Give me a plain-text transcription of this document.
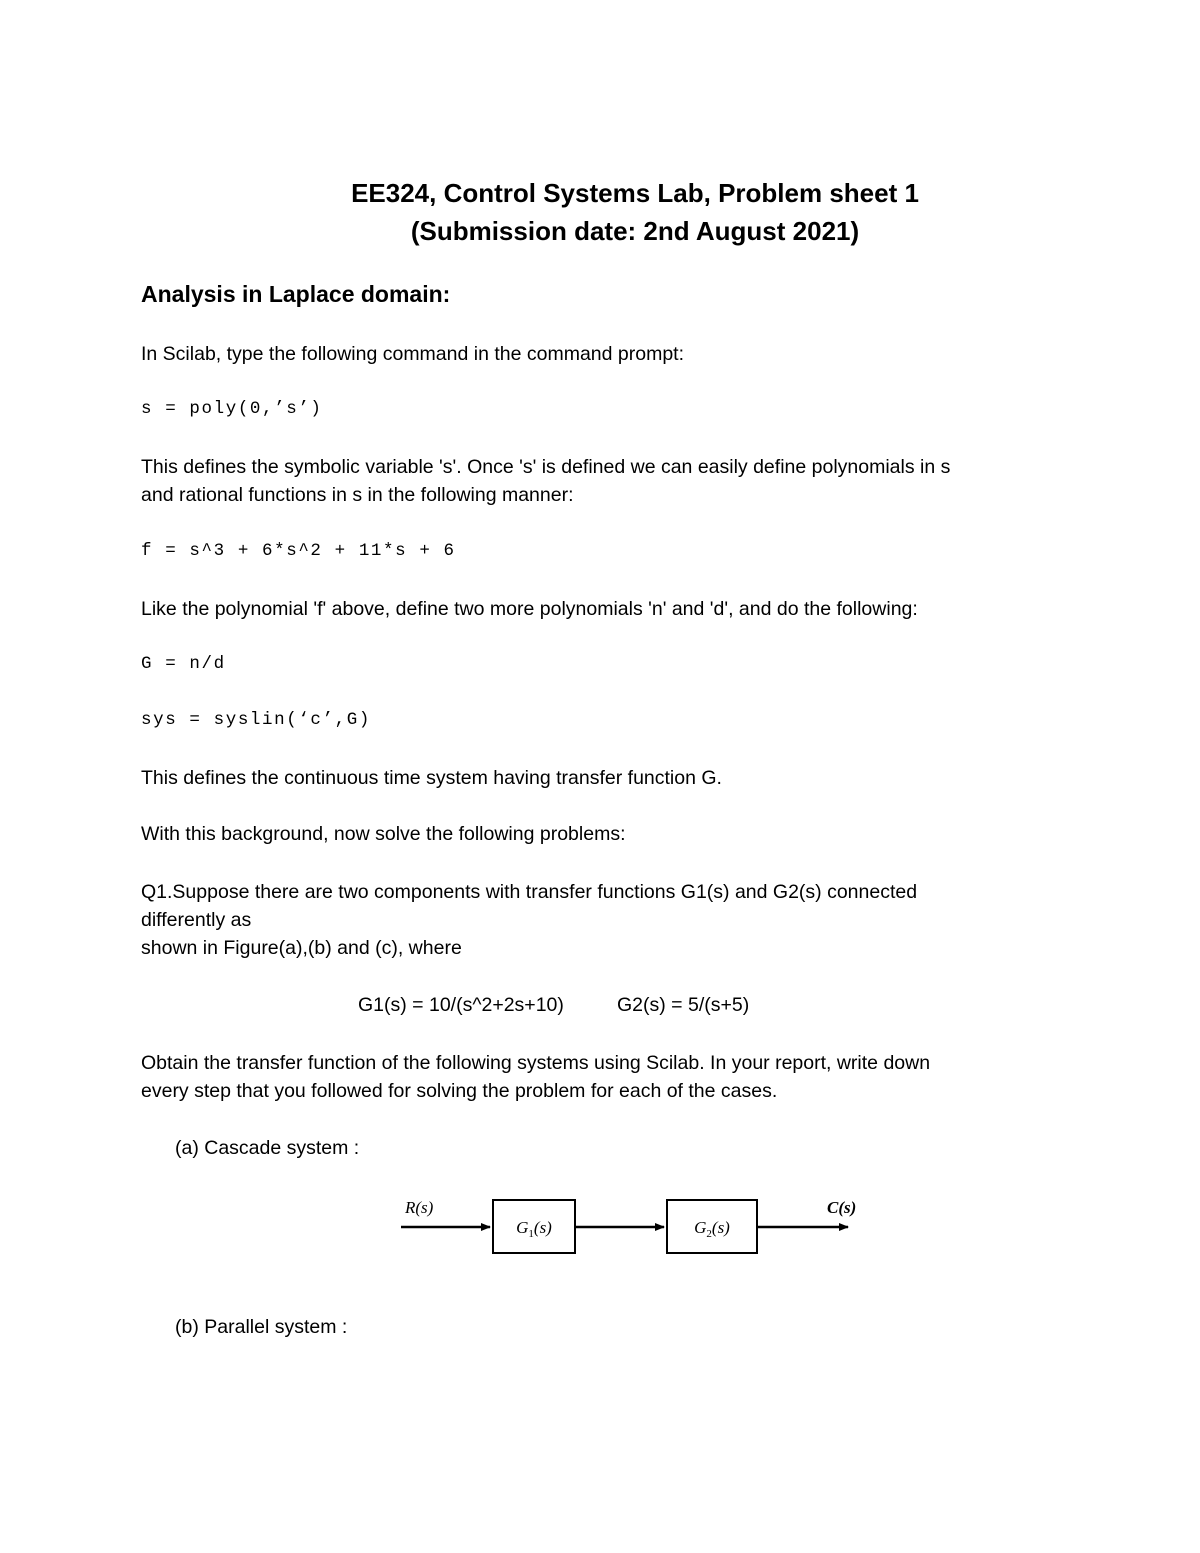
EE324, Control Systems Lab, Problem sheet 1
(Submission date: 2nd August 2021)
Analysis in Laplace domain:
In Scilab, type the following command in the command prompt:
s = poly(0,’s’)
This defines the symbolic variable 's'. Once 's' is defined we can easily define polynomials in s
and rational functions in s in the following manner:
f = s^3 + 6*s^2 + 11*s + 6
Like the polynomial 'f' above, define two more polynomials 'n' and 'd', and do the following:
G = n/d
sys = syslin(‘c’,G)
This defines the continuous time system having transfer function G.
With this background, now solve the following problems:
Q1.Suppose there are two components with transfer functions G1(s) and G2(s) connected
differently as
shown in Figure(a),(b) and (c), where
G1(s) = 10/(s^2+2s+10)	G2(s) = 5/(s+5)
Obtain the transfer function of the following systems using Scilab. In your report, write down
every step that you followed for solving the problem for each of the cases.
(a) Cascade system :
R(s)
$G_1(s)$	$G_2(s)$
C(s)
(b) Parallel system :
